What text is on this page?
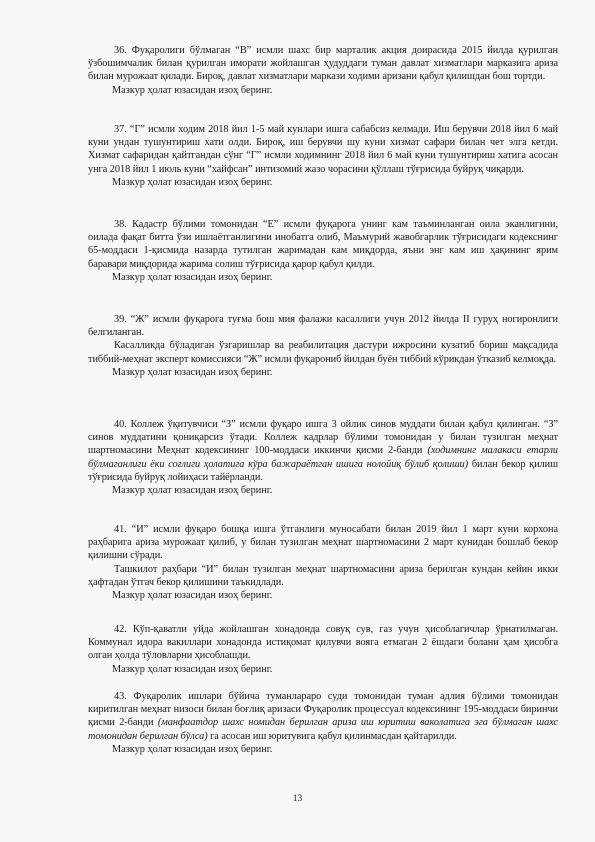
36. Фуқаролиги бўлмаган “В” исмли шахс бир марталик акция доирасида 2015 йилда қурилган ўзбошимчалик билан қурилган иморати жойлашган ҳудуддаги туман давлат хизматлари марказига ариза билан мурожаат қилади. Бироқ, давлат хизматлари маркази ходими аризани қабул қилишдан бош тортди.

Мазкур ҳолат юзасидан изоҳ беринг.

37. “Г” исмли ходим 2018 йил 1-5 май кунлари ишга сабабсиз келмади. Иш берувчи 2018 йил 6 май куни ундан тушунтириш хати олди. Бироқ, иш берувчи шу куни хизмат сафари билан чет элга кетди. Хизмат сафаридан қайтгандан сўнг “Г” исмли ходимнинг 2018 йил 6 май куни тушунтириш хатига асосан унга 2018 йил 1 июль куни “хайфсан” интизомий жазо чорасини қўллаш тўғрисида буйруқ чиқарди.

Мазкур ҳолат юзасидан изоҳ беринг.

38. Кадастр бўлими томонидан “Е” исмли фуқарога унинг кам таъминланган оила эканлигини, оилада фақат битта ўзи ишлаётганлигини инобатга олиб, Маъмурий жавобгарлик тўғрисидаги кодекснинг 65-моддаси 1-қисмида назарда тутилган жаримадан кам миқдорда, яъни энг кам иш ҳақининг ярим баравари миқдорида жарима солиш тўғрисида қарор қабул қилди.

Мазкур ҳолат юзасидан изоҳ беринг.

39. “Ж” исмли фуқарога туғма бош мия фалажи касаллиги учун 2012 йилда II гуруҳ ногиронлиги белгиланган.

Касалликда бўладиган ўзгаришлар ва реабилитация дастури ижросини кузатиб бориш мақсадида тиббий-меҳнат эксперт комиссияси “Ж” исмли фуқарониб йилдан буён тиббий кўрикдан ўтказиб келмоқда.

Мазкур ҳолат юзасидан изоҳ беринг.

40. Коллеж ўқитувчиси “З” исмли фуқаро ишга 3 ойлик синов муддати билан қабул қилинган. “З” синов муддатини қониқарсиз ўтади. Коллеж кадрлар бўлими томонидан у билан тузилган меҳнат шартномасини Меҳнат кодексининг 100-моддаси иккинчи қисми 2-банди (ходимнинг малакаси етарли бўлмаганлиги ёки соғлиги ҳолатига кўра бажараётган ишига нолойиқ бўлиб қолиши) билан бекор қилиш тўғрисида буйруқ лойиҳаси тайёрланди.

Мазкур ҳолат юзасидан изоҳ беринг.

41. “И” исмли фуқаро бошқа ишга ўтганлиги муносабати билан 2019 йил 1 март куни корхона раҳбарига ариза мурожаат қилиб, у билан тузилган меҳнат шартномасини 2 март кунидан бошлаб бекор қилишни сўради.

Ташкилот раҳбари “И” билан тузилган меҳнат шартномасини ариза берилган кундан кейин икки ҳафтадан ўтгач бекор қилишини таъкидлади.

Мазкур ҳолат юзасидан изоҳ беринг.

42. Кўп-қаватли уйда жойлашган хонадонда совуқ сув, газ учун ҳисоблагичлар ўрнатилмаган. Коммунал идора вакиллари хонадонда истиқомат қилувчи вояга етмаган 2 ёшдаги болани ҳам ҳисобга олган ҳолда тўловларни ҳисоблашди.

Мазкур ҳолат юзасидан изоҳ беринг.

43. Фуқаролик ишлари бўйича туманлараро суди томонидан туман адлия бўлими томонидан киритилган меҳнат низоси билан боғлиқ аризаси Фуқаролик процессуал кодексининг 195-моддаси биринчи қисми 2-банди (манфаатдор шахс номидан берилган ариза иш юритиш ваколатига эга бўлмаган шахс томонидан берилган бўлса) га асосан иш юритувига қабул қилинмасдан қайтарилди.

Мазкур ҳолат юзасидан изоҳ беринг.

13
